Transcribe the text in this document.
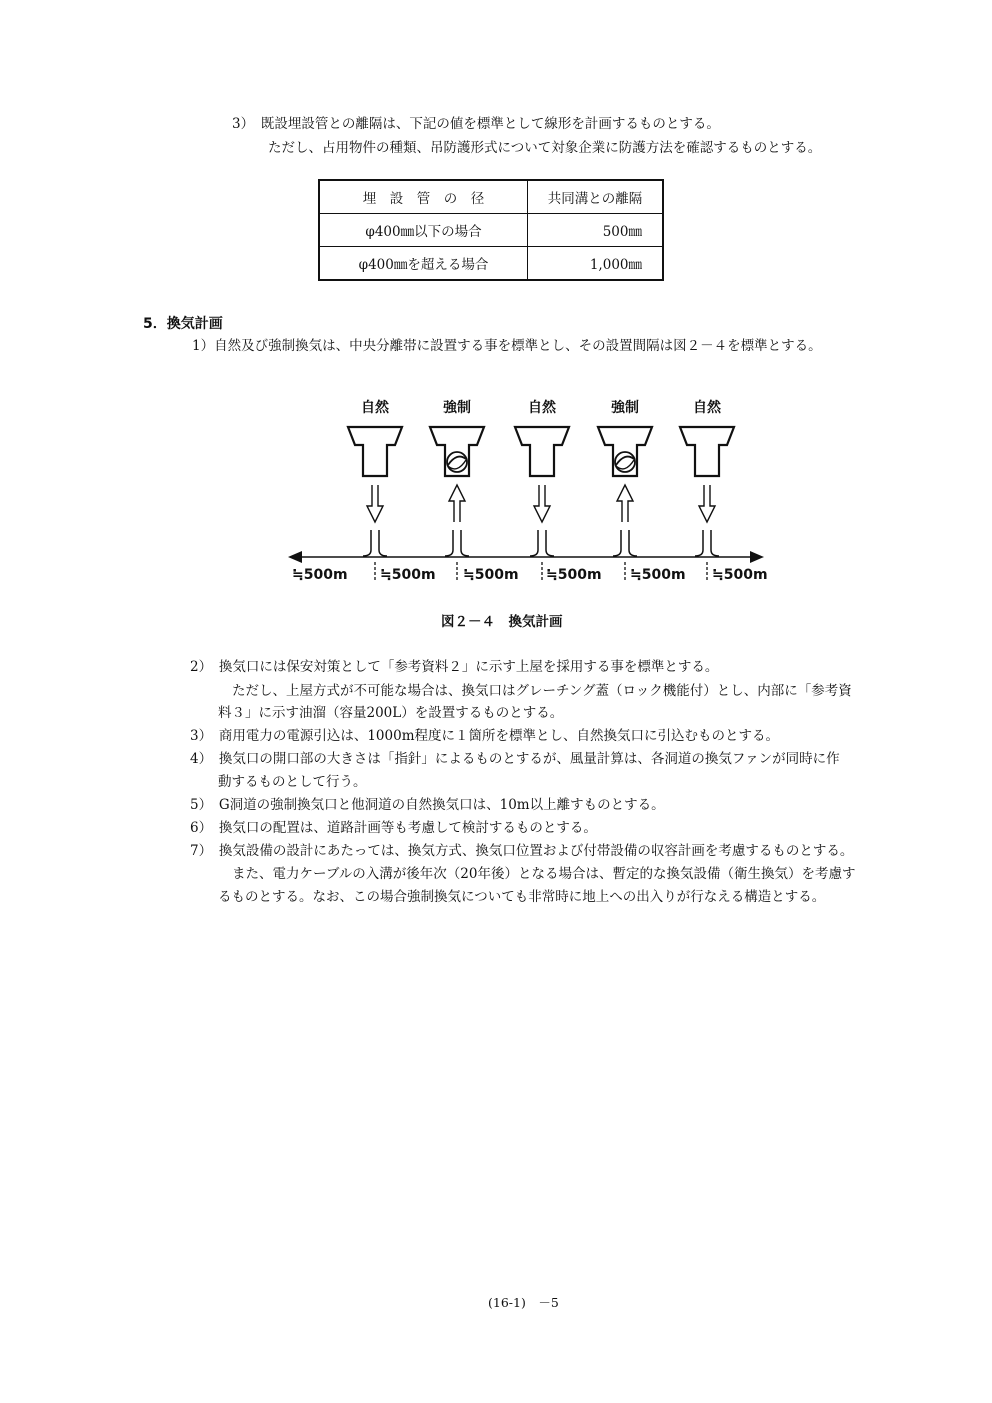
3）　既設埋設管との離隔は、下記の値を標準として線形を計画するものとする。
ただし、占用物件の種類、吊防護形式について対象企業に防護方法を確認するものとする。
埋　設　管　の　径	共同溝との離隔
φ400㎜以下の場合	500㎜
φ400㎜を超える場合	1,000㎜
5．換気計画
1）自然及び強制換気は、中央分離帯に設置する事を標準とし、その設置間隔は図２－４を標準とする。
自然	強制	自然	強制	自然
≒500m ≒500m ≒500m ≒500m ≒500m ≒500m
図２－４　換気計画
2）　換気口には保安対策として「参考資料２」に示す上屋を採用する事を標準とする。
ただし、上屋方式が不可能な場合は、換気口はグレーチング蓋（ロック機能付）とし、内部に「参考資
料３」に示す油溜（容量200L）を設置するものとする。
3）　商用電力の電源引込は、1000m程度に１箇所を標準とし、自然換気口に引込むものとする。
4）　換気口の開口部の大きさは「指針」によるものとするが、風量計算は、各洞道の換気ファンが同時に作
動するものとして行う。
5）　G洞道の強制換気口と他洞道の自然換気口は、10m以上離すものとする。
6）　換気口の配置は、道路計画等も考慮して検討するものとする。
7）　換気設備の設計にあたっては、換気方式、換気口位置および付帯設備の収容計画を考慮するものとする。
また、電力ケーブルの入溝が後年次（20年後）となる場合は、暫定的な換気設備（衛生換気）を考慮す
るものとする。なお、この場合強制換気についても非常時に地上への出入りが行なえる構造とする。
(16-1)　－5
